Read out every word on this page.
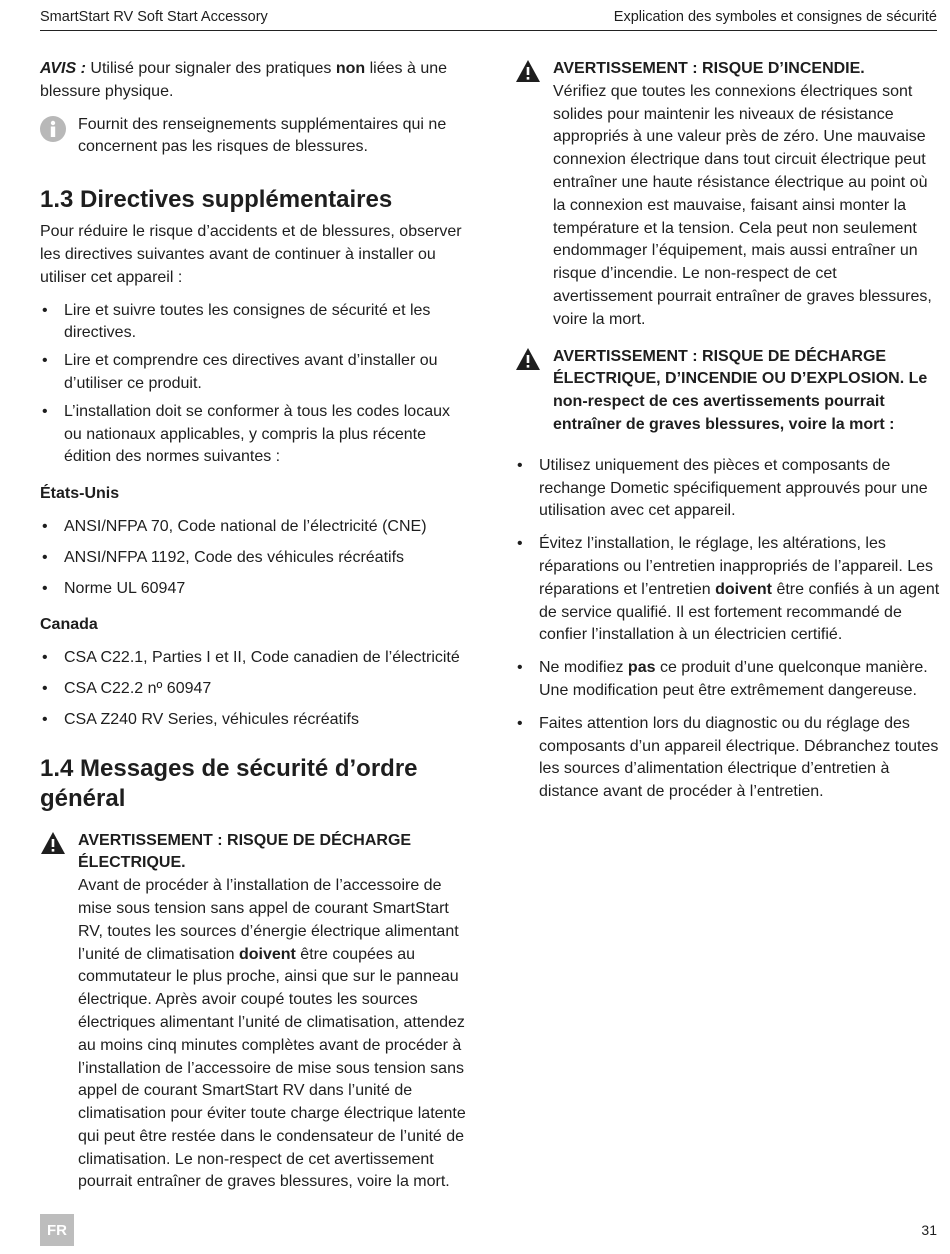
SmartStart RV Soft Start Accessory	Explication des symboles et consignes de sécurité

AVIS : Utilisé pour signaler des pratiques non liées à une blessure physique.

Fournit des renseignements supplémentaires qui ne concernent pas les risques de blessures.
1.3 Directives supplémentaires

Pour réduire le risque d’accidents et de blessures, observer les directives suivantes avant de continuer à installer ou utiliser cet appareil :

• Lire et suivre toutes les consignes de sécurité et les directives.
• Lire et comprendre ces directives avant d’installer ou d’utiliser ce produit.
• L’installation doit se conformer à tous les codes locaux ou nationaux applicables, y compris la plus récente édition des normes suivantes :

États-Unis

• ANSI/NFPA 70, Code national de l’électricité (CNE)
• ANSI/NFPA 1192, Code des véhicules récréatifs
• Norme UL 60947

Canada

• CSA C22.1, Parties I et II, Code canadien de l’électricité
• CSA C22.2 nº 60947
• CSA Z240 RV Series, véhicules récréatifs
1.4 Messages de sécurité d’ordre général
AVERTISSEMENT : RISQUE DE DÉCHARGE ÉLECTRIQUE.
Avant de procéder à l’installation de l’accessoire de mise sous tension sans appel de courant SmartStart RV, toutes les sources d’énergie électrique alimentant l’unité de climatisation doivent être coupées au commutateur le plus proche, ainsi que sur le panneau électrique. Après avoir coupé toutes les sources électriques alimentant l’unité de climatisation, attendez au moins cinq minutes complètes avant de procéder à l’installation de l’accessoire de mise sous tension sans appel de courant SmartStart RV dans l’unité de climatisation pour éviter toute charge électrique latente qui peut être restée dans le condensateur de l’unité de climatisation. Le non-respect de cet avertissement pourrait entraîner de graves blessures, voire la mort.
AVERTISSEMENT : RISQUE D’INCENDIE.
Vérifiez que toutes les connexions électriques sont solides pour maintenir les niveaux de résistance appropriés à une valeur près de zéro. Une mauvaise connexion électrique dans tout circuit électrique peut entraîner une haute résistance électrique au point où la connexion est mauvaise, faisant ainsi monter la température et la tension. Cela peut non seulement endommager l’équipement, mais aussi entraîner un risque d’incendie. Le non-respect de cet avertissement pourrait entraîner de graves blessures, voire la mort.
AVERTISSEMENT : RISQUE DE DÉCHARGE ÉLECTRIQUE, D’INCENDIE OU D’EXPLOSION. Le non-respect de ces avertissements pourrait entraîner de graves blessures, voire la mort :
• Utilisez uniquement des pièces et composants de rechange Dometic spécifiquement approuvés pour une utilisation avec cet appareil.
• Évitez l’installation, le réglage, les altérations, les réparations ou l’entretien inappropriés de l’appareil. Les réparations et l’entretien doivent être confiés à un agent de service qualifié. Il est fortement recommandé de confier l’installation à un électricien certifié.
• Ne modifiez pas ce produit d’une quelconque manière. Une modification peut être extrêmement dangereuse.
• Faites attention lors du diagnostic ou du réglage des composants d’un appareil électrique. Débranchez toutes les sources d’alimentation électrique d’entretien à distance avant de procéder à l’entretien.
FR	31
